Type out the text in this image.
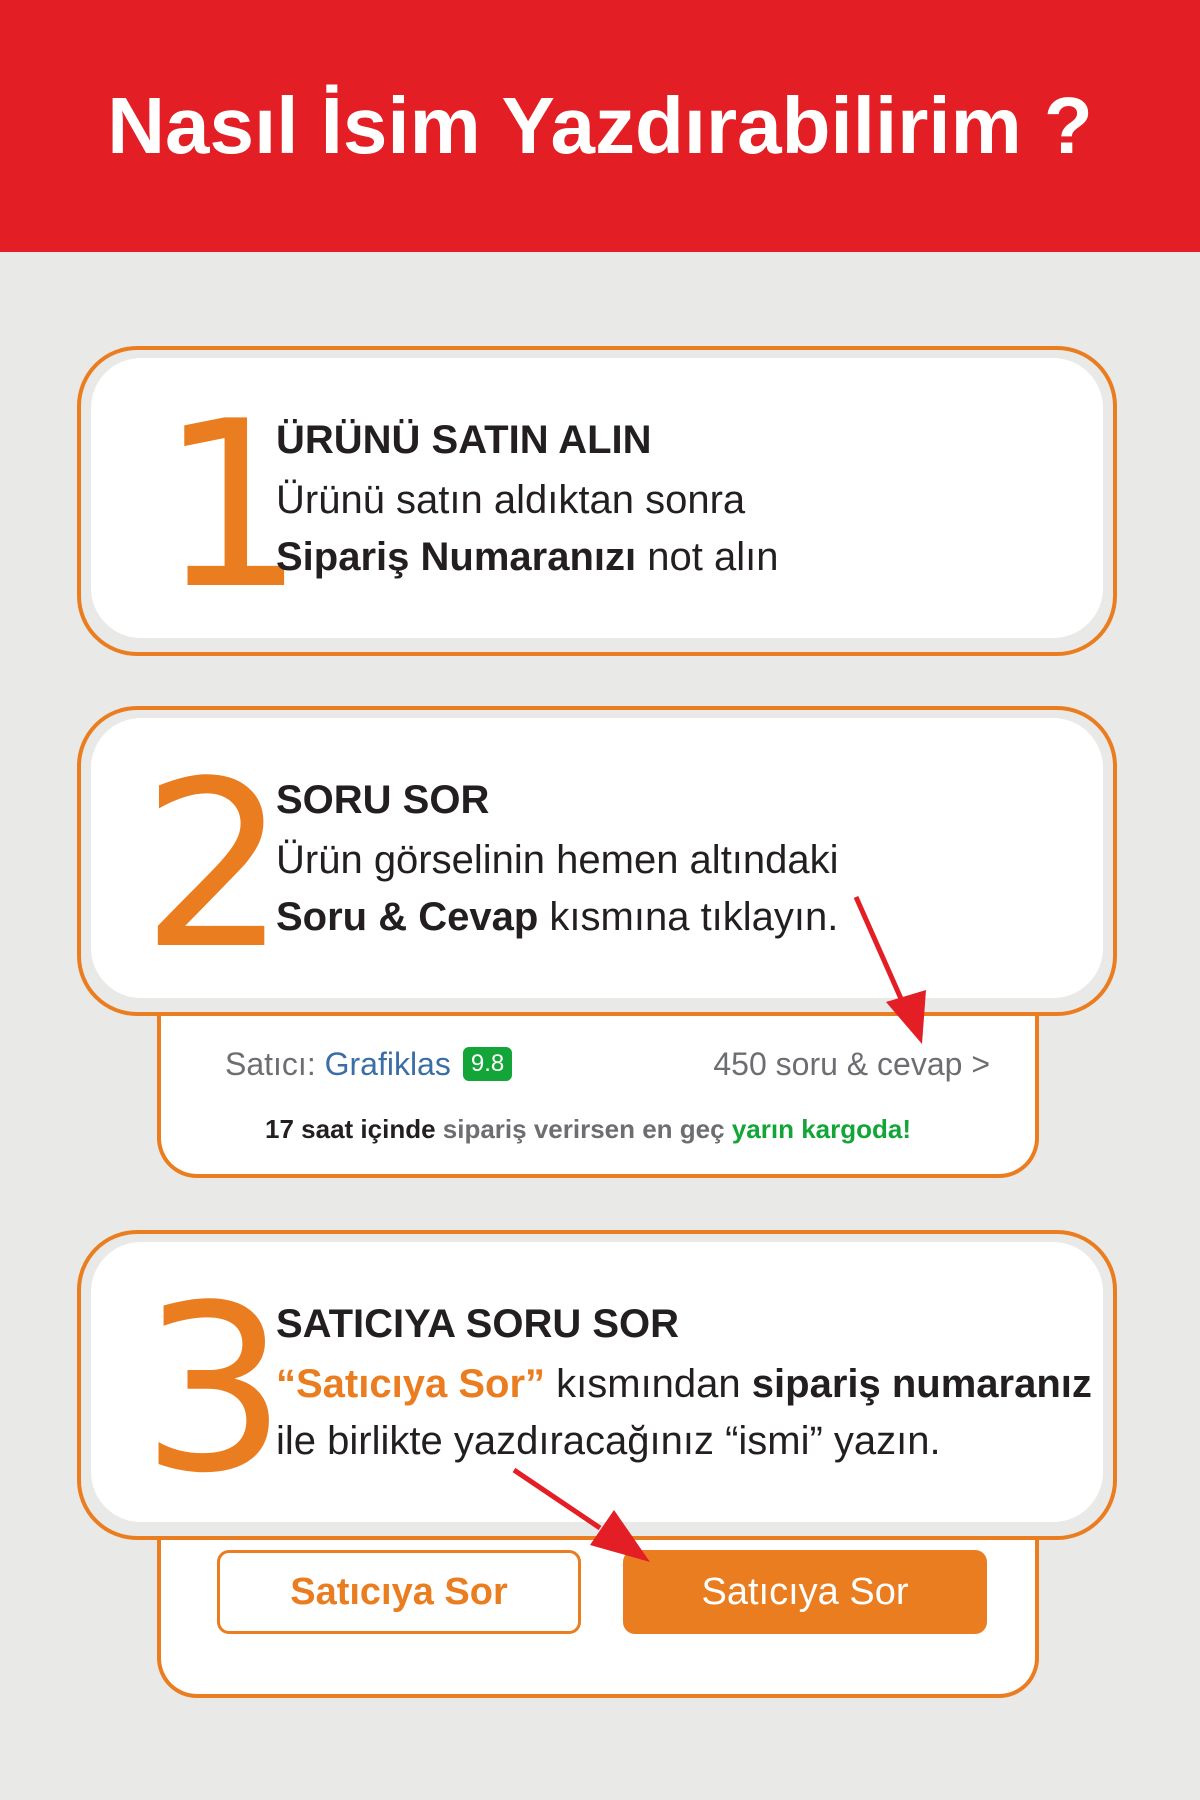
Nasıl İsim Yazdırabilirim ?
1
ÜRÜNÜ SATIN ALIN
Ürünü satın aldıktan sonra
Sipariş Numaranızı not alın
Satıcı: Grafiklas 9.8	450 soru & cevap >
17 saat içinde sipariş verirsen en geç yarın kargoda!
2
SORU SOR
Ürün görselinin hemen altındaki
Soru & Cevap kısmına tıklayın.
Satıcıya Sor	Satıcıya Sor
3
SATICIYA SORU SOR
“Satıcıya Sor” kısmından sipariş numaranız
ile birlikte yazdıracağınız “ismi” yazın.
